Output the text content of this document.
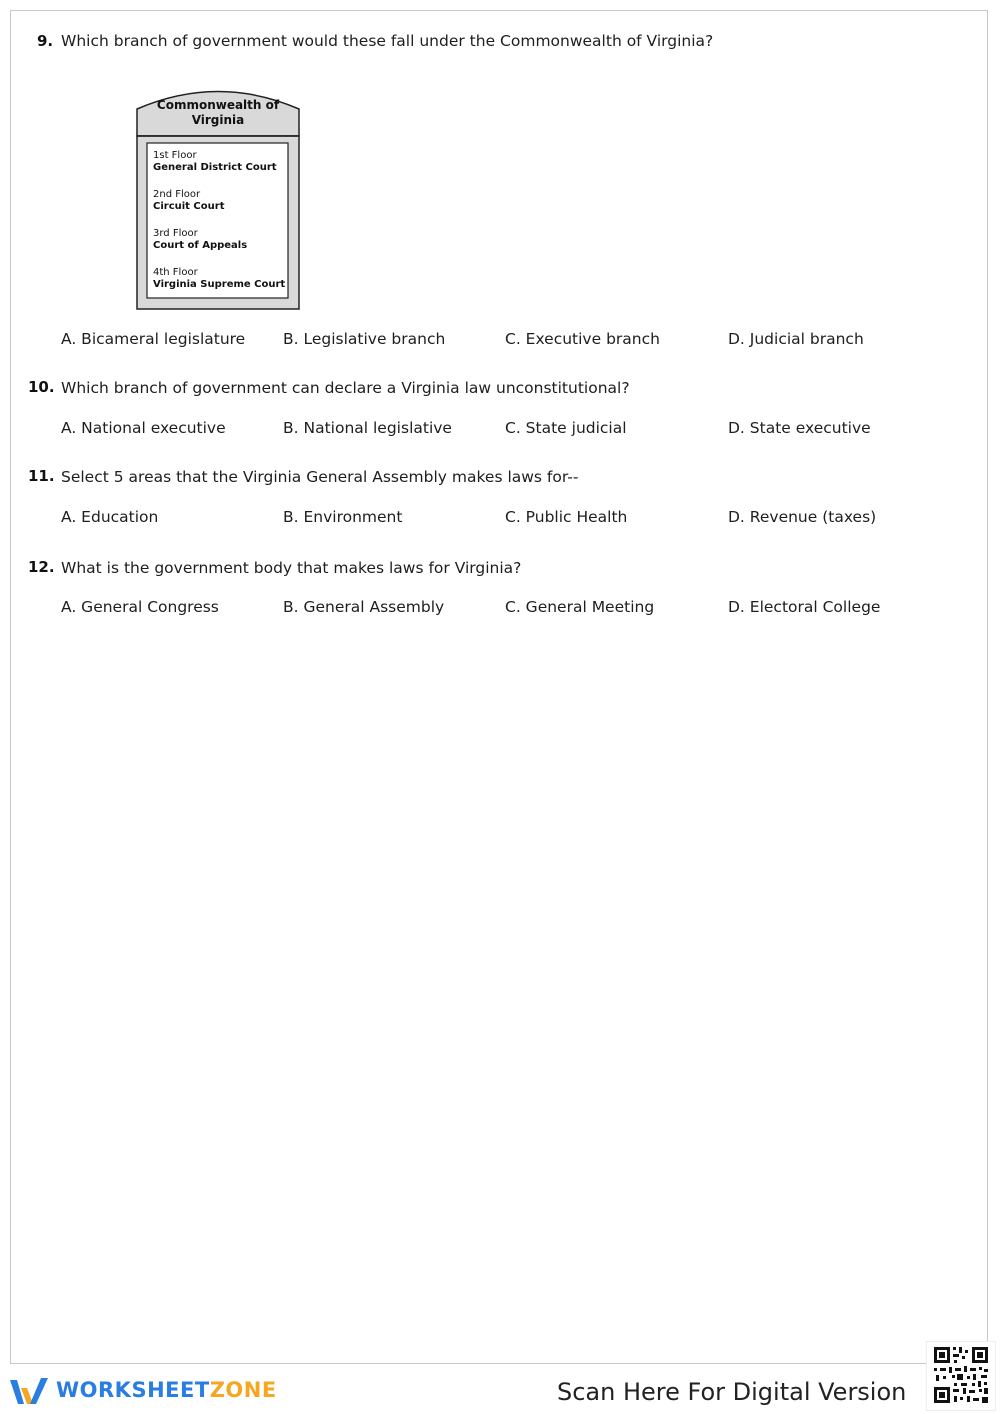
9. Which branch of government would these fall under the Commonwealth of Virginia?
Commonwealth of
Virginia
1st Floor
General District Court
2nd Floor
Circuit Court
3rd Floor
Court of Appeals
4th Floor
Virginia Supreme Court
A. Bicameral legislature B. Legislative branch	C. Executive branch	D. Judicial branch
10. Which branch of government can declare a Virginia law unconstitutional?
A. National executive	B. National legislative	C. State judicial	D. State executive
11. Select 5 areas that the Virginia General Assembly makes laws for--
A. Education	B. Environment	C. Public Health	D. Revenue (taxes)
12. What is the government body that makes laws for Virginia?
A. General Congress	B. General Assembly	C. General Meeting	D. Electoral College
WORKSHEETZONE	Scan Here For Digital Version
